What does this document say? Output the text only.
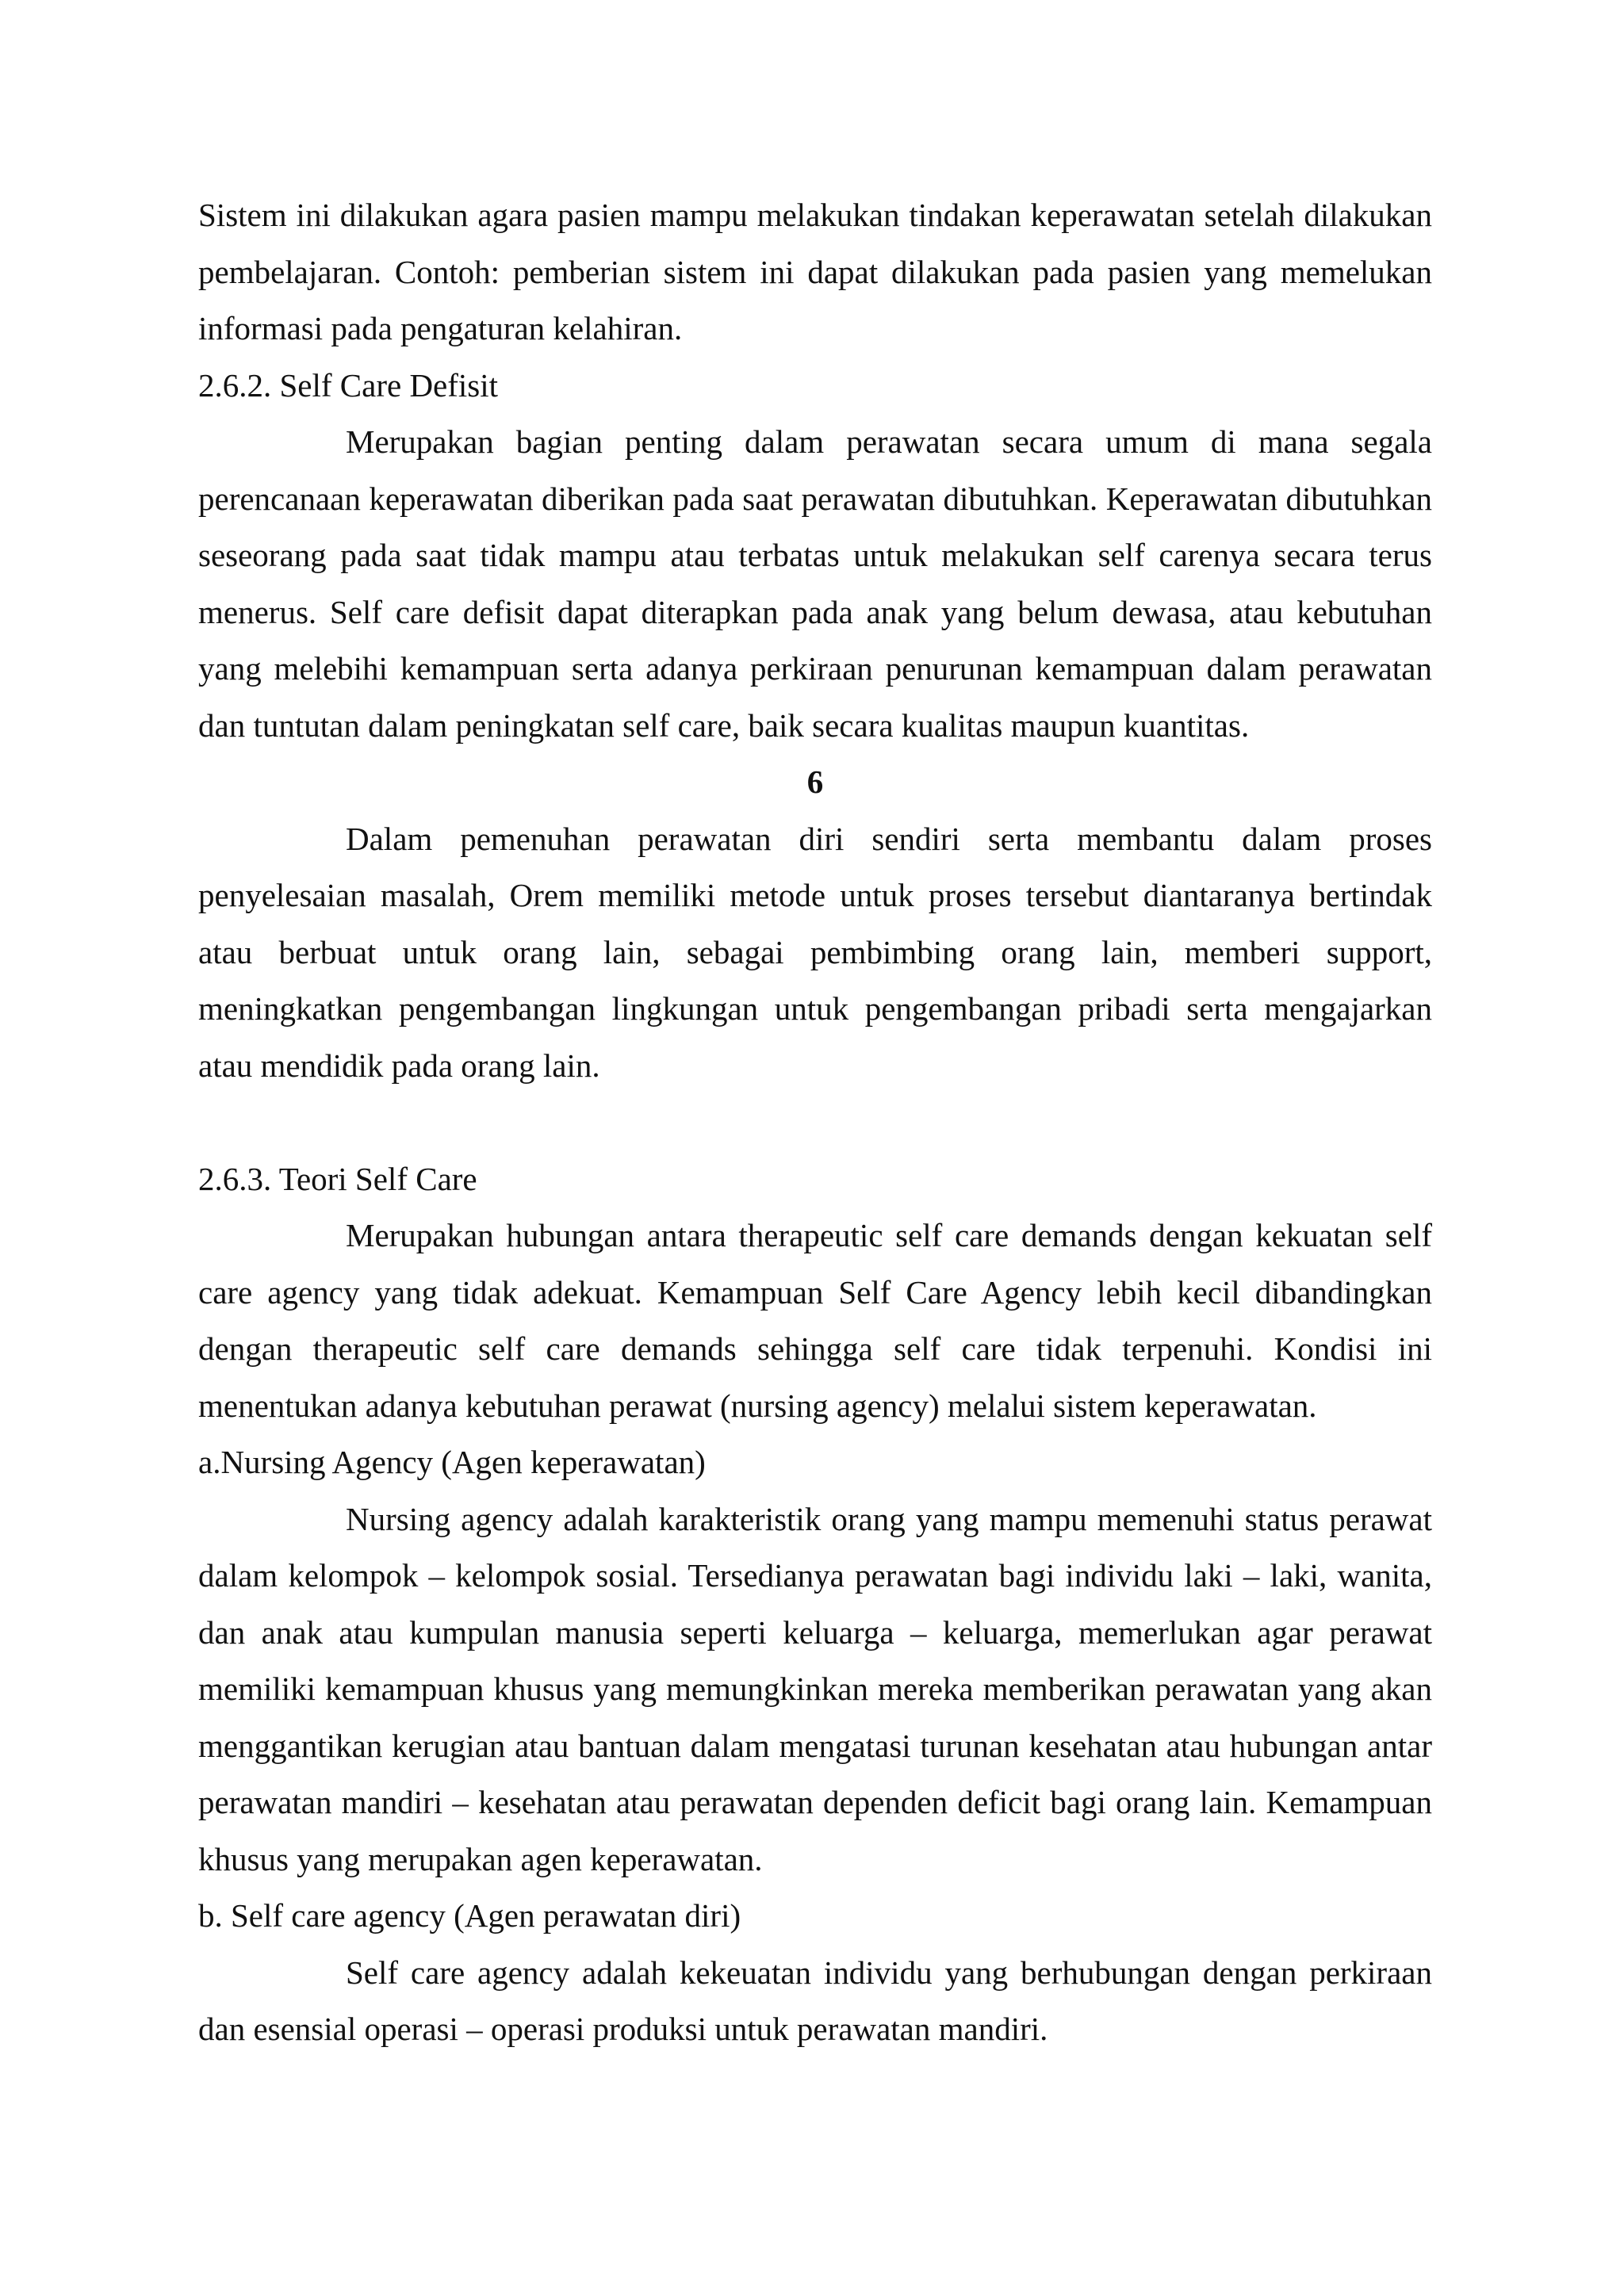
Sistem ini dilakukan agara pasien mampu melakukan tindakan keperawatan setelah dilakukan pembelajaran. Contoh: pemberian sistem ini dapat dilakukan pada pasien yang memelukan informasi pada pengaturan kelahiran.

2.6.2. Self Care Defisit

Merupakan bagian penting dalam perawatan secara umum di mana segala perencanaan keperawatan diberikan pada saat perawatan dibutuhkan. Keperawatan dibutuhkan seseorang pada saat tidak mampu atau terbatas untuk melakukan self carenya secara terus menerus. Self care defisit dapat diterapkan pada anak yang belum dewasa, atau kebutuhan yang melebihi kemampuan serta adanya perkiraan penurunan kemampuan dalam perawatan dan tuntutan dalam peningkatan self care, baik secara kualitas maupun kuantitas.

6

Dalam pemenuhan perawatan diri sendiri serta membantu dalam proses penyelesaian masalah, Orem memiliki metode untuk proses tersebut diantaranya bertindak atau berbuat untuk orang lain, sebagai pembimbing orang lain, memberi support, meningkatkan pengembangan lingkungan untuk pengembangan pribadi serta mengajarkan atau mendidik pada orang lain.

2.6.3. Teori Self Care

Merupakan hubungan antara therapeutic self care demands dengan kekuatan self care agency yang tidak adekuat. Kemampuan Self Care Agency lebih kecil dibandingkan dengan therapeutic self care demands sehingga self care tidak terpenuhi. Kondisi ini menentukan adanya kebutuhan perawat (nursing agency) melalui sistem keperawatan.

a.Nursing Agency (Agen keperawatan)

Nursing agency adalah karakteristik orang yang mampu memenuhi status perawat dalam kelompok – kelompok sosial. Tersedianya perawatan bagi individu laki – laki, wanita, dan anak atau kumpulan manusia seperti keluarga – keluarga, memerlukan agar perawat memiliki kemampuan khusus yang memungkinkan mereka memberikan perawatan yang akan menggantikan kerugian atau bantuan dalam mengatasi turunan kesehatan atau hubungan antar perawatan mandiri – kesehatan atau perawatan dependen deficit bagi orang lain. Kemampuan khusus yang merupakan agen keperawatan.

b. Self care agency (Agen perawatan diri)

Self care agency adalah kekeuatan individu yang berhubungan dengan perkiraan dan esensial operasi – operasi produksi untuk perawatan mandiri.
